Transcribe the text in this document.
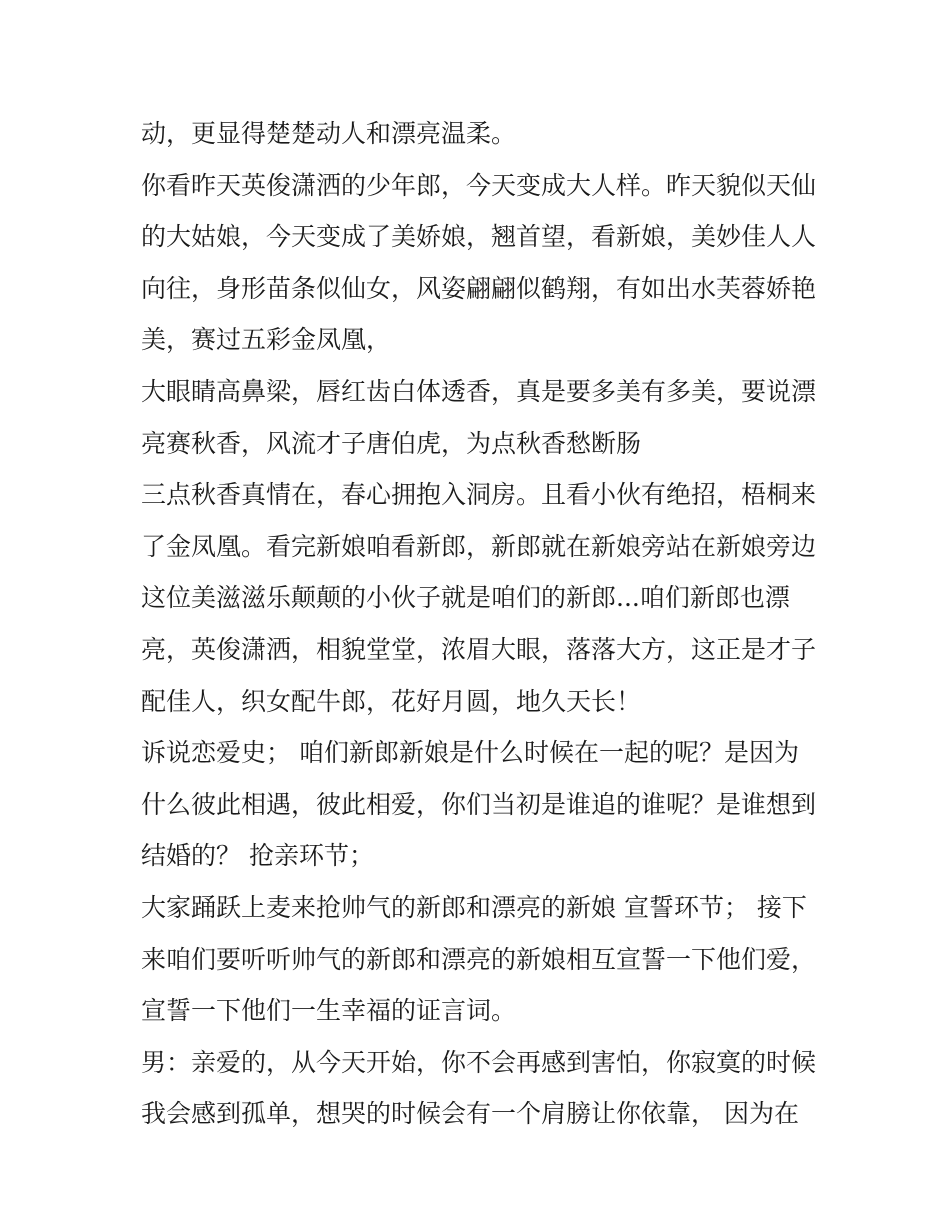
动，更显得楚楚动人和漂亮温柔。
你看昨天英俊潇洒的少年郎，今天变成大人样。昨天貌似天仙
的大姑娘，今天变成了美娇娘，翘首望，看新娘，美妙佳人人
向往，身形苗条似仙女，风姿翩翩似鹤翔，有如出水芙蓉娇艳
美，赛过五彩金凤凰，
大眼睛高鼻梁，唇红齿白体透香，真是要多美有多美，要说漂
亮赛秋香，风流才子唐伯虎，为点秋香愁断肠
三点秋香真情在，春心拥抱入洞房。且看小伙有绝招，梧桐来
了金凤凰。看完新娘咱看新郎，新郎就在新娘旁站在新娘旁边
这位美滋滋乐颠颠的小伙子就是咱们的新郎...咱们新郎也漂
亮，英俊潇洒，相貌堂堂，浓眉大眼，落落大方，这正是才子
配佳人，织女配牛郎，花好月圆，地久天长！
诉说恋爱史； 咱们新郎新娘是什么时候在一起的呢？是因为
什么彼此相遇，彼此相爱，你们当初是谁追的谁呢？是谁想到
结婚的？ 抢亲环节；
大家踊跃上麦来抢帅气的新郎和漂亮的新娘 宣誓环节； 接下
来咱们要听听帅气的新郎和漂亮的新娘相互宣誓一下他们爱，
宣誓一下他们一生幸福的证言词。
男：亲爱的，从今天开始，你不会再感到害怕，你寂寞的时候
我会感到孤单，想哭的时候会有一个肩膀让你依靠， 因为在
